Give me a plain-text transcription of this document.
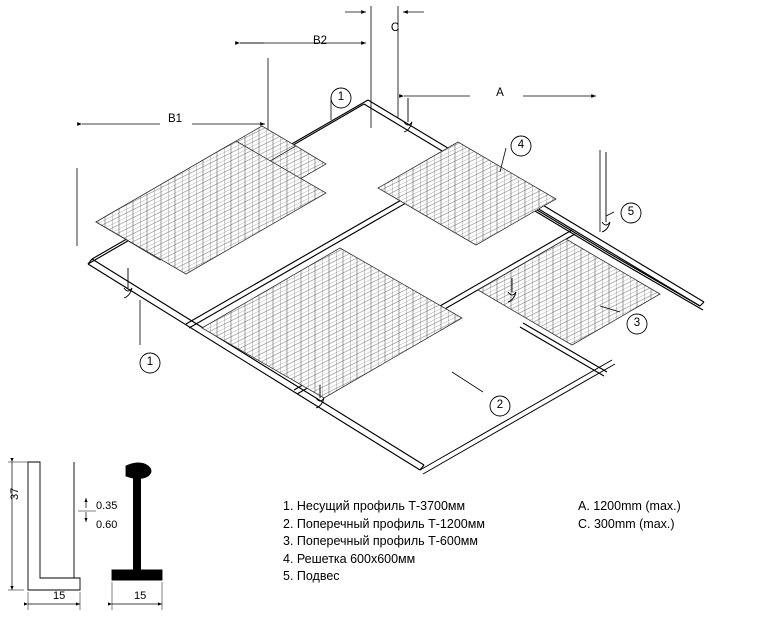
1
1
2
3
4
5
B2
C
A
B1
37
0.35
0.60
15	15
1. Несущий профиль Т-3700мм
2. Поперечный профиль Т-1200мм
3. Поперечный профиль Т-600мм
4. Решетка 600х600мм
5. Подвес
A. 1200mm (max.)
C. 300mm (max.)
